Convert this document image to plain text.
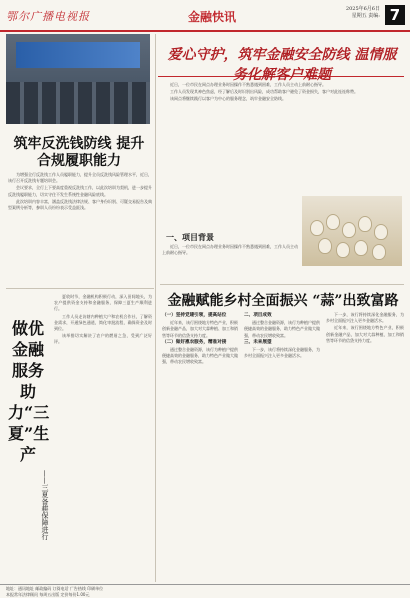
鄂尔广播电视报	金融快讯
2025年6月6日
星期五 责编: 7
筑牢反洗钱防线 提升合规履职能力

为增强全行反洗钱工作人员履职能力，提升全员反洗钱风险管理水平，近日，该行召开反洗钱专题培训会。

会议要求，全行上下要高度重视反洗钱工作，以此次培训为契机，进一步提升反洗钱履职能力，切实守住不发生系统性金融风险底线。

此次培训内容丰富，涵盖反洗钱法律法规、客户身份识别、可疑交易报告及典型案例分析等，参训人员纷纷表示受益匪浅。

爱心守护，筑牢金融安全防线 温情服务化解客户难题

近日，一位市民在网点办理业务时因操作不熟悉遇到困难，工作人员主动上前耐心指导。

工作人员发现其神色焦虑，经了解后及时识别出风险，成功帮助客户避免了资金损失，客户对此连连称赞。

该网点将继续践行以客户为中心的服务理念，筑牢金融安全防线。

一、项目背景

近日，一位市民在网点办理业务时因操作不熟悉遇到困难，工作人员主动上前耐心指导。

金融赋能乡村全面振兴 “蒜”出致富路
（一）坚持党建引领，提高站位

近年来，该行围绕地方特色产业，积极创新金融产品，加大对大蒜种植、加工和销售等环节的信贷支持力度。

（二）做好惠农服务，精准对接

通过整合金融资源，该行为种植户提供便捷高效的金融服务，助力特色产业做大做强，带动农民增收致富。

二、项目成效

通过整合金融资源，该行为种植户提供便捷高效的金融服务，助力特色产业做大做强，带动农民增收致富。

三、未来展望

下一步，该行将持续深化金融服务，为乡村全面振兴注入更多金融活水。

下一步，该行将持续深化金融服务，为乡村全面振兴注入更多金融活水。

近年来，该行围绕地方特色产业，积极创新金融产品，加大对大蒜种植、加工和销售等环节的信贷支持力度。

做优金融服务
助力“三夏”生产
——三夏备耕保障进行

夏收时节，金融机构积极行动，深入田间地头，为农户提供资金支持和金融服务，保障三夏生产顺利进行。

工作人员走访辖内种植大户和农机合作社，了解资金需求，开通绿色通道，简化审批流程，确保资金及时到位。

该举措切实解决了农户的燃眉之急，受到广泛好评。

地址：通讯地址 邮政编码 订阅电话 广告热线 印刷单位
本报常年法律顾问 每周五出版 定价每份1.00元
